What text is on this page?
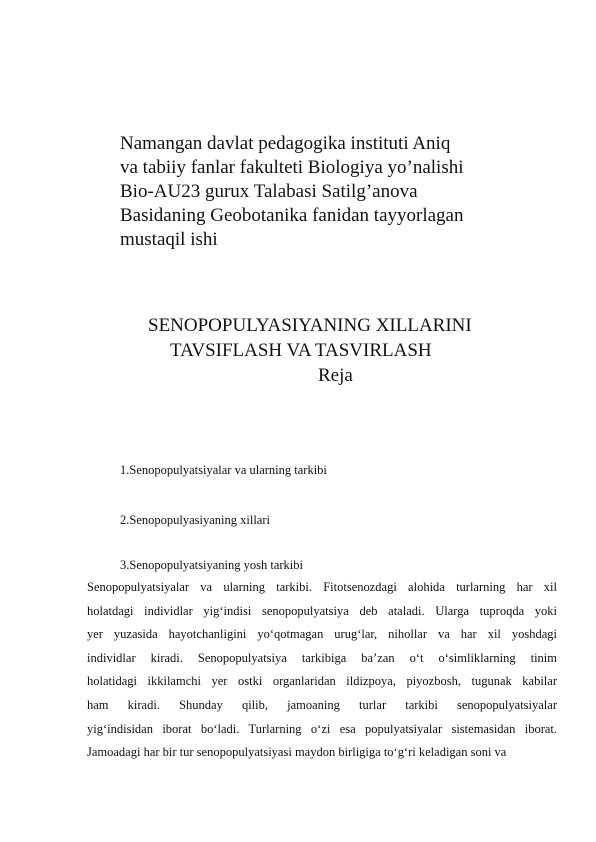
Namangan davlat pedagogika instituti Aniq
va tabiiy fanlar fakulteti Biologiya yo’nalishi
Bio-AU23 gurux Talabasi Satilg’anova
Basidaning Geobotanika fanidan tayyorlagan
mustaqil ishi
SENOPOPULYASIYANING XILLARINI
TAVSIFLASH VA TASVIRLASH
Reja
1.Senopopulyatsiyalar va ularning tarkibi
2.Senopopulyasiyaning xillari
3.Senopopulyatsiyaning yosh tarkibi
Senopopulyatsiyalar va ularning tarkibi. Fitotsenozdagi alohida turlarning har xil
holatdagi individlar yig‘indisi senopopulyatsiya deb ataladi. Ularga tuproqda yoki
yer yuzasida hayotchanligini yo‘qotmagan urug‘lar, nihollar va har xil yoshdagi
individlar kiradi. Senopopulyatsiya tarkibiga ba’zan o‘t o‘simliklarning tinim
holatidagi ikkilamchi yer ostki organlaridan ildizpoya, piyozbosh, tugunak kabilar
ham kiradi. Shunday qilib, jamoaning turlar tarkibi senopopulyatsiyalar
yig‘indisidan iborat bo‘ladi. Turlarning o‘zi esa populyatsiyalar sistemasidan iborat.
Jamoadagi har bir tur senopopulyatsiyasi maydon birligiga to‘g‘ri keladigan soni va
